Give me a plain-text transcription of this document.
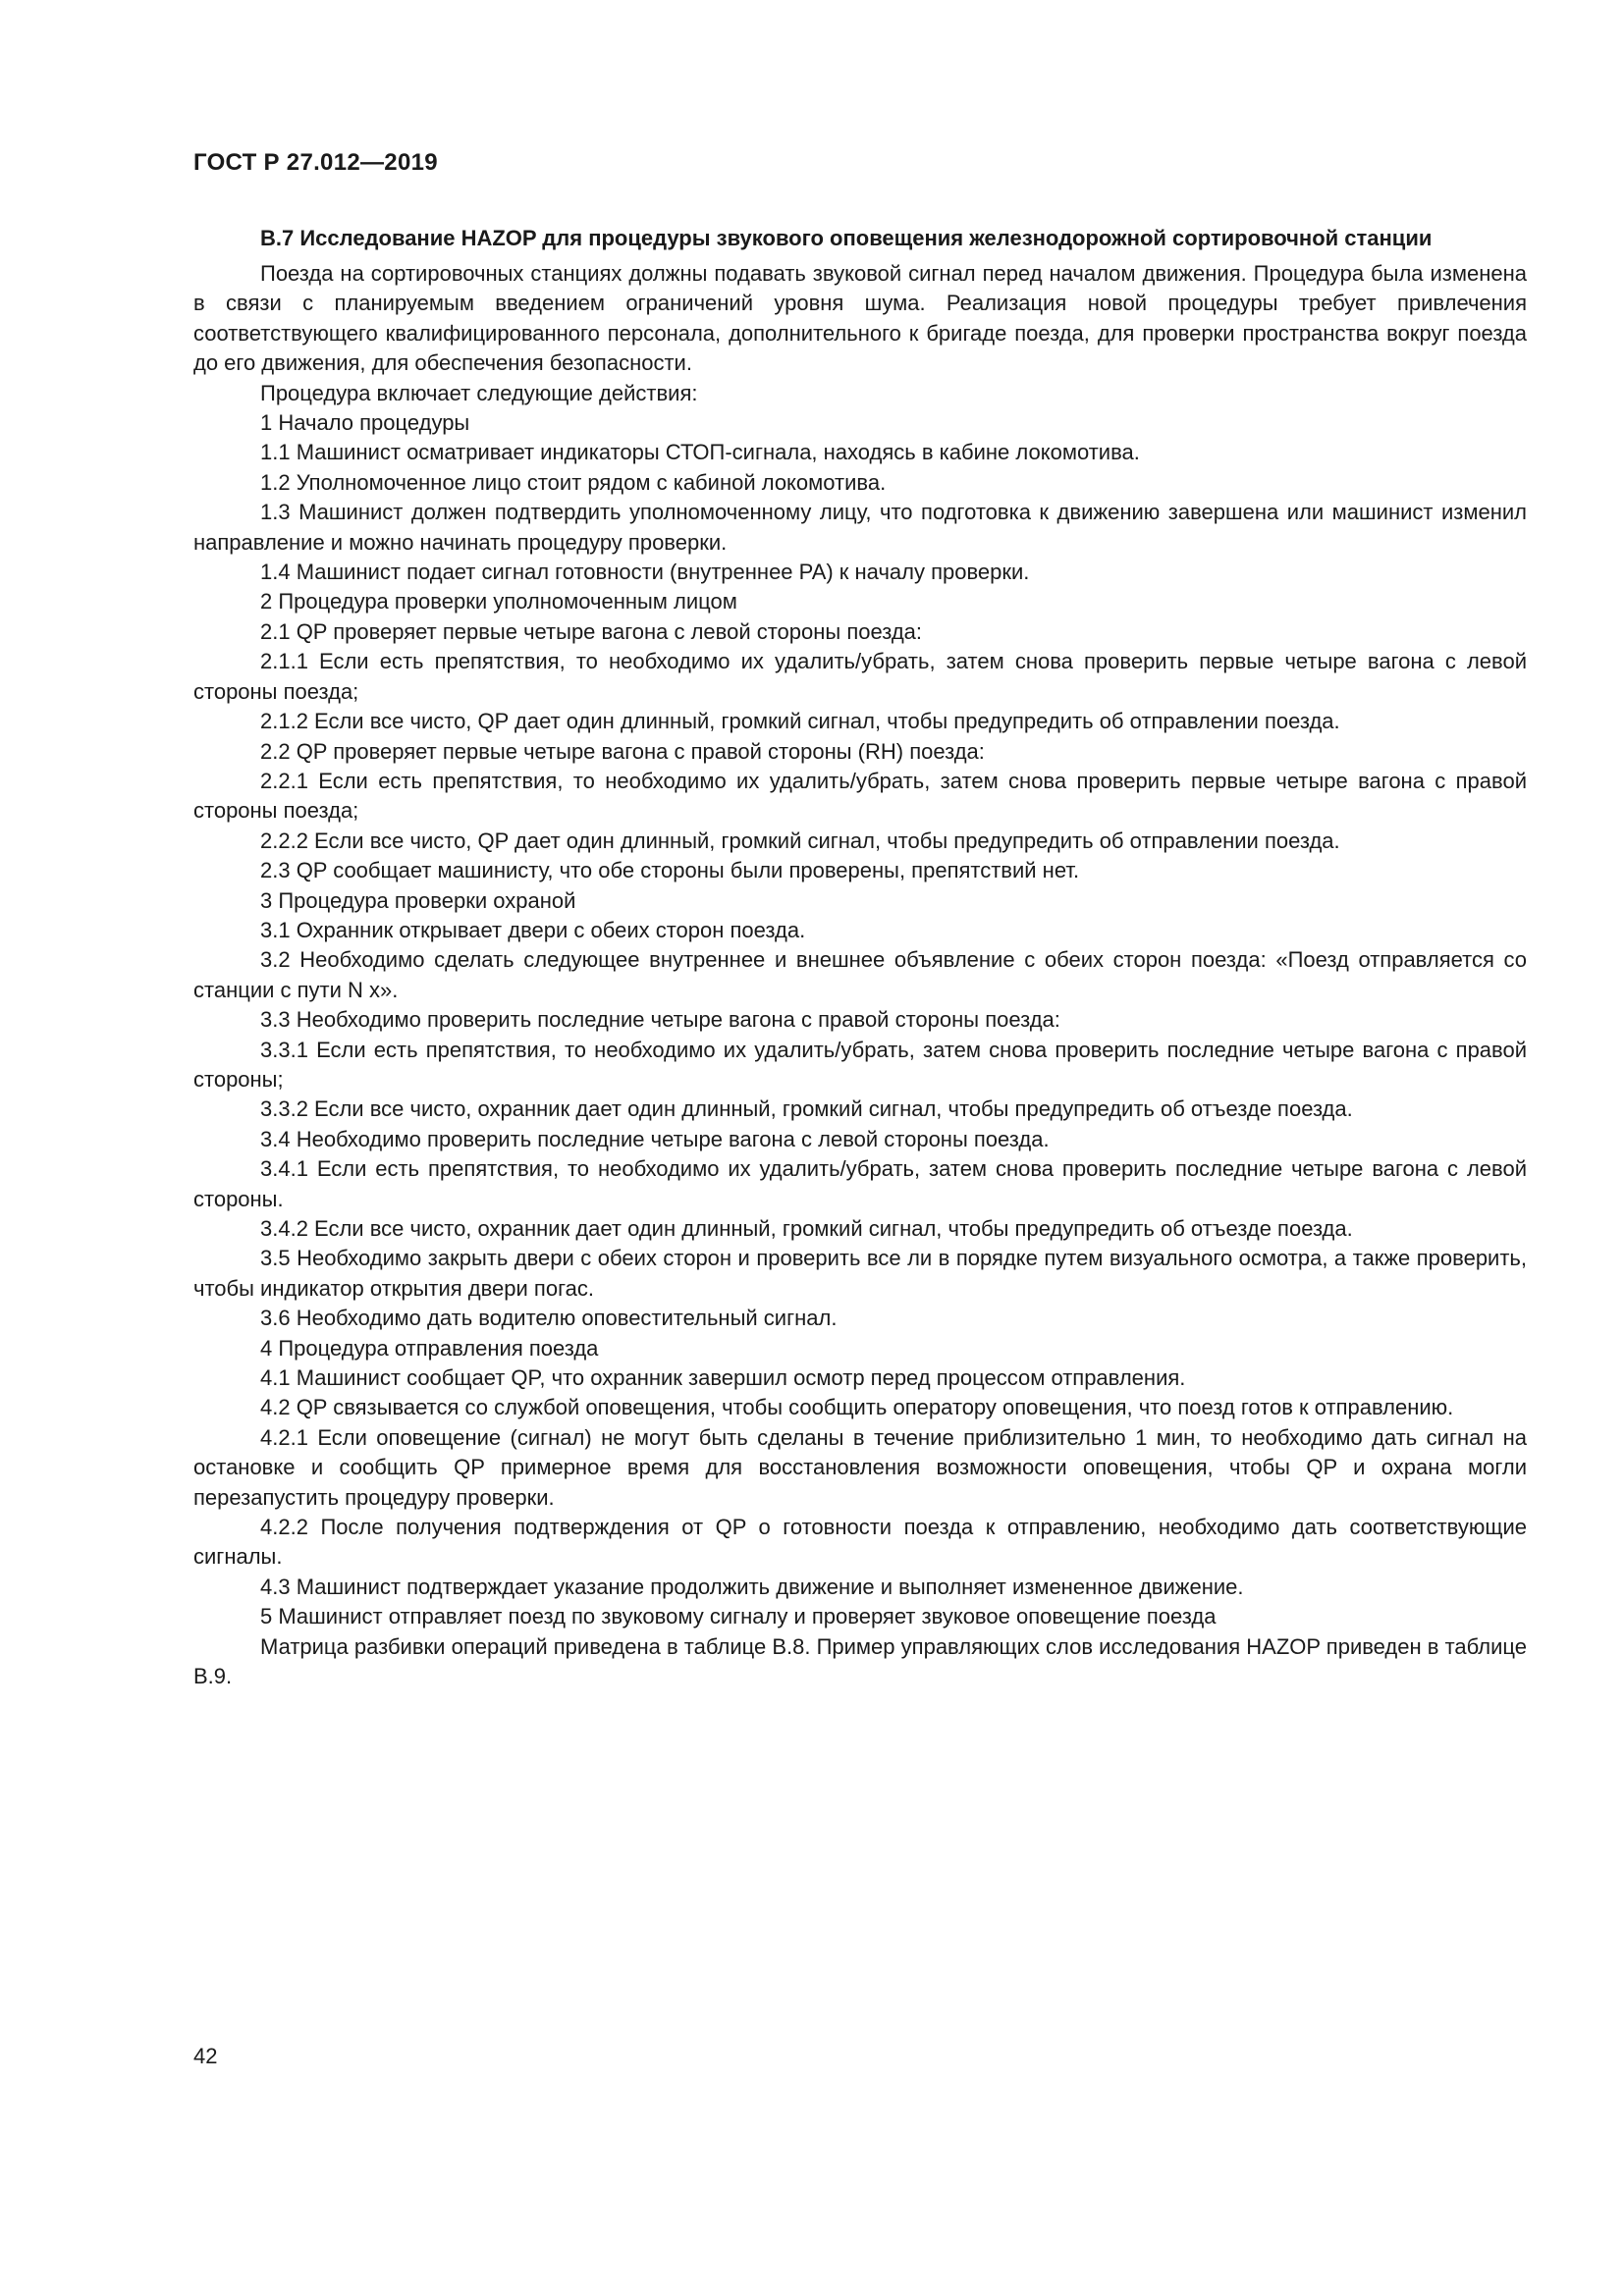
ГОСТ Р 27.012—2019
В.7 Исследование HAZOP для процедуры звукового оповещения железнодорожной сортировочной станции

Поезда на сортировочных станциях должны подавать звуковой сигнал перед началом движения. Процедура была изменена в связи с планируемым введением ограничений уровня шума. Реализация новой процедуры требует привлечения соответствующего квалифицированного персонала, дополнительного к бригаде поезда, для проверки пространства вокруг поезда до его движения, для обеспечения безопасности.

Процедура включает следующие действия:

1 Начало процедуры

1.1 Машинист осматривает индикаторы СТОП-сигнала, находясь в кабине локомотива.

1.2 Уполномоченное лицо стоит рядом с кабиной локомотива.

1.3 Машинист должен подтвердить уполномоченному лицу, что подготовка к движению завершена или машинист изменил направление и можно начинать процедуру проверки.

1.4 Машинист подает сигнал готовности (внутреннее PA) к началу проверки.

2 Процедура проверки уполномоченным лицом

2.1 QP проверяет первые четыре вагона с левой стороны поезда:

2.1.1 Если есть препятствия, то необходимо их удалить/убрать, затем снова проверить первые четыре вагона с левой стороны поезда;

2.1.2 Если все чисто, QP дает один длинный, громкий сигнал, чтобы предупредить об отправлении поезда.

2.2 QP проверяет первые четыре вагона с правой стороны (RH) поезда:

2.2.1 Если есть препятствия, то необходимо их удалить/убрать, затем снова проверить первые четыре вагона с правой стороны поезда;

2.2.2 Если все чисто, QP дает один длинный, громкий сигнал, чтобы предупредить об отправлении поезда.

2.3 QP сообщает машинисту, что обе стороны были проверены, препятствий нет.

3 Процедура проверки охраной

3.1 Охранник открывает двери с обеих сторон поезда.

3.2 Необходимо сделать следующее внутреннее и внешнее объявление с обеих сторон поезда: «Поезд отправляется со станции с пути N x».

3.3 Необходимо проверить последние четыре вагона с правой стороны поезда:

3.3.1 Если есть препятствия, то необходимо их удалить/убрать, затем снова проверить последние четыре вагона с правой стороны;

3.3.2 Если все чисто, охранник дает один длинный, громкий сигнал, чтобы предупредить об отъезде поезда.

3.4 Необходимо проверить последние четыре вагона с левой стороны поезда.

3.4.1 Если есть препятствия, то необходимо их удалить/убрать, затем снова проверить последние четыре вагона с левой стороны.

3.4.2 Если все чисто, охранник дает один длинный, громкий сигнал, чтобы предупредить об отъезде поезда.

3.5 Необходимо закрыть двери с обеих сторон и проверить все ли в порядке путем визуального осмотра, а также проверить, чтобы индикатор открытия двери погас.

3.6 Необходимо дать водителю оповестительный сигнал.

4 Процедура отправления поезда

4.1 Машинист сообщает QP, что охранник завершил осмотр перед процессом отправления.

4.2 QP связывается со службой оповещения, чтобы сообщить оператору оповещения, что поезд готов к отправлению.

4.2.1 Если оповещение (сигнал) не могут быть сделаны в течение приблизительно 1 мин, то необходимо дать сигнал на остановке и сообщить QP примерное время для восстановления возможности оповещения, чтобы QP и охрана могли перезапустить процедуру проверки.

4.2.2 После получения подтверждения от QP о готовности поезда к отправлению, необходимо дать соответствующие сигналы.

4.3 Машинист подтверждает указание продолжить движение и выполняет измененное движение.

5 Машинист отправляет поезд по звуковому сигналу и проверяет звуковое оповещение поезда

Матрица разбивки операций приведена в таблице В.8. Пример управляющих слов исследования HAZOP приведен в таблице В.9.

42
